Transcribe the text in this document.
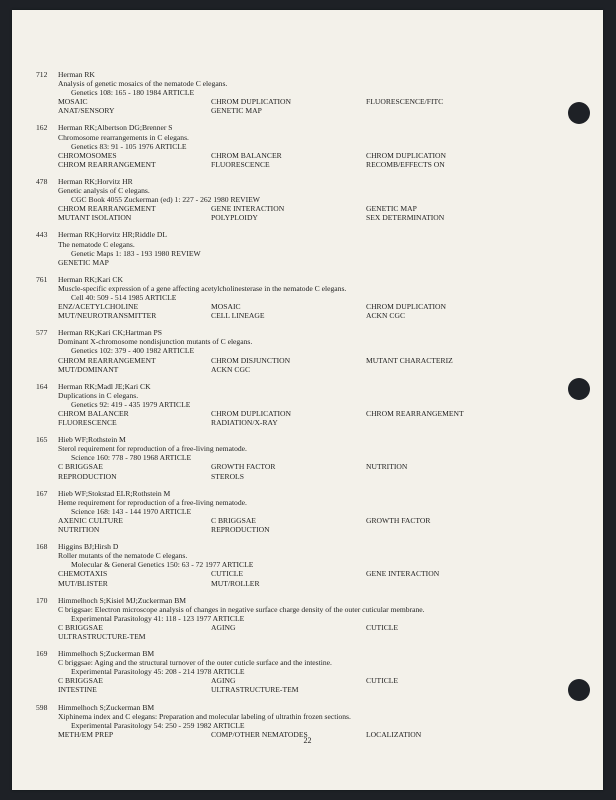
712	Herman RK
Analysis of genetic mosaics of the nematode C elegans.
Genetics 108: 165 - 180 1984 ARTICLE
MOSAIC	CHROM DUPLICATION	FLUORESCENCE/FITC
ANAT/SENSORY	GENETIC MAP
162	Herman RK;Albertson DG;Brenner S
Chromosome rearrangements in C elegans.
Genetics 83: 91 - 105 1976 ARTICLE
CHROMOSOMES	CHROM BALANCER	CHROM DUPLICATION
CHROM REARRANGEMENT	FLUORESCENCE	RECOMB/EFFECTS ON
478	Herman RK;Horvitz HR
Genetic analysis of C elegans.
CGC Book 4055 Zuckerman (ed) 1: 227 - 262 1980 REVIEW
CHROM REARRANGEMENT	GENE INTERACTION	GENETIC MAP
MUTANT ISOLATION	POLYPLOIDY	SEX DETERMINATION
443	Herman RK;Horvitz HR;Riddle DL
The nematode C elegans.
Genetic Maps 1: 183 - 193 1980 REVIEW
GENETIC MAP
761	Herman RK;Kari CK
Muscle-specific expression of a gene affecting acetylcholinesterase in the nematode C elegans.
Cell 40: 509 - 514 1985 ARTICLE
ENZ/ACETYLCHOLINE	MOSAIC	CHROM DUPLICATION
MUT/NEUROTRANSMITTER	CELL LINEAGE	ACKN CGC
577	Herman RK;Kari CK;Hartman PS
Dominant X-chromosome nondisjunction mutants of C elegans.
Genetics 102: 379 - 400 1982 ARTICLE
CHROM REARRANGEMENT	CHROM DISJUNCTION	MUTANT CHARACTERIZ
MUT/DOMINANT	ACKN CGC
164	Herman RK;Madl JE;Kari CK
Duplications in C elegans.
Genetics 92: 419 - 435 1979 ARTICLE
CHROM BALANCER	CHROM DUPLICATION	CHROM REARRANGEMENT
FLUORESCENCE	RADIATION/X-RAY
165	Hieb WF;Rothstein M
Sterol requirement for reproduction of a free-living nematode.
Science 160: 778 - 780 1968 ARTICLE
C BRIGGSAE	GROWTH FACTOR	NUTRITION
REPRODUCTION	STEROLS
167	Hieb WF;Stokstad ELR;Rothstein M
Heme requirement for reproduction of a free-living nematode.
Science 168: 143 - 144 1970 ARTICLE
AXENIC CULTURE	C BRIGGSAE	GROWTH FACTOR
NUTRITION	REPRODUCTION
168	Higgins BJ;Hirsh D
Roller mutants of the nematode C elegans.
Molecular & General Genetics 150: 63 - 72 1977 ARTICLE
CHEMOTAXIS	CUTICLE	GENE INTERACTION
MUT/BLISTER	MUT/ROLLER
170	Himmelhoch S;Kisiel MJ;Zuckerman BM
C briggsae: Electron microscope analysis of changes in negative surface charge density of the outer cuticular membrane.
Experimental Parasitology 41: 118 - 123 1977 ARTICLE
C BRIGGSAE	AGING	CUTICLE
ULTRASTRUCTURE-TEM
169	Himmelhoch S;Zuckerman BM
C briggsae: Aging and the structural turnover of the outer cuticle surface and the intestine.
Experimental Parasitology 45: 208 - 214 1978 ARTICLE
C BRIGGSAE	AGING	CUTICLE
INTESTINE	ULTRASTRUCTURE-TEM
598	Himmelhoch S;Zuckerman BM
Xiphinema index and C elegans: Preparation and molecular labeling of ultrathin frozen sections.
Experimental Parasitology 54: 250 - 259 1982 ARTICLE
METH/EM PREP	COMP/OTHER NEMATODES	LOCALIZATION
22
